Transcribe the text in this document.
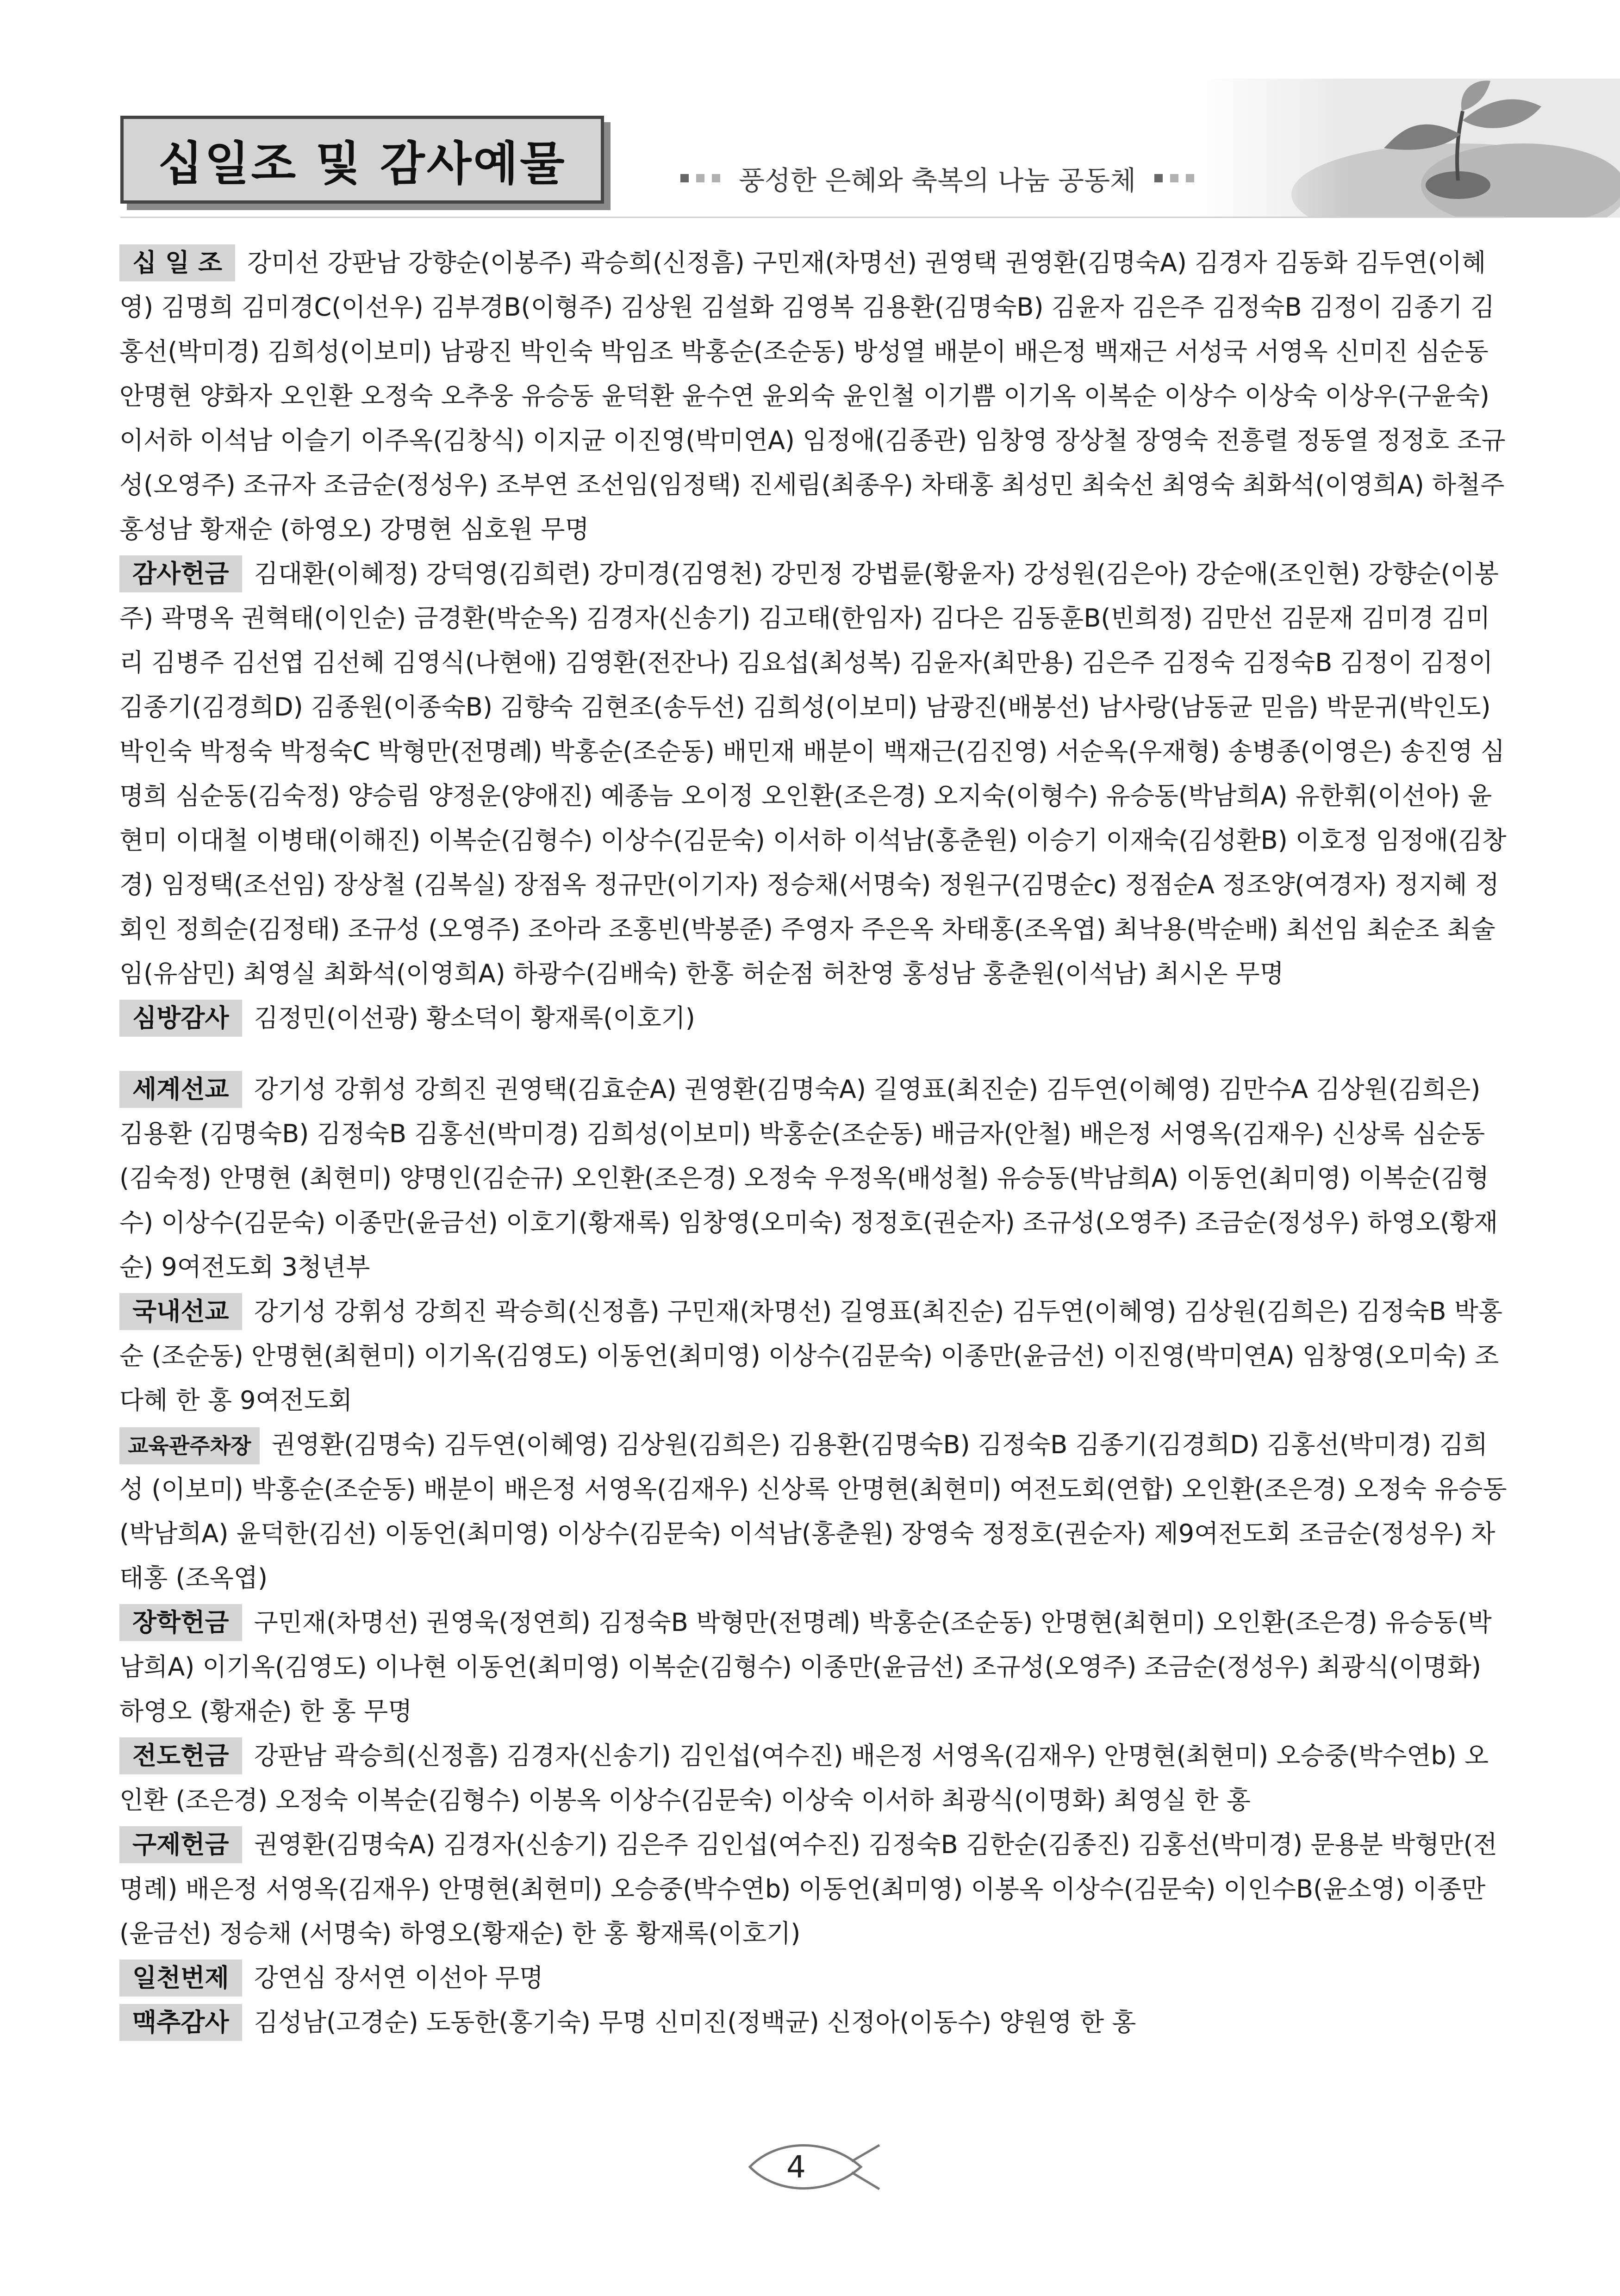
십일조 및 감사예물	풍성한 은혜와 축복의 나눔 공동체
십 일 조 강미선 강판남 강향순(이봉주) 곽승희(신정흠) 구민재(차명선) 권영택 권영환(김명숙A) 김경자 김동화 김두연(이혜영) 김명희 김미경C(이선우) 김부경B(이형주) 김상원 김설화 김영복 김용환(김명숙B) 김윤자 김은주 김정숙B 김정이 김종기 김홍선(박미경) 김희성(이보미) 남광진 박인숙 박임조 박홍순(조순동) 방성열 배분이 배은정 백재근 서성국 서영옥 신미진 심순동 안명현 양화자 오인환 오정숙 오추웅 유승동 윤덕환 윤수연 윤외숙 윤인철 이기쁨 이기옥 이복순 이상수 이상숙 이상우(구윤숙) 이서하 이석남 이슬기 이주옥(김창식) 이지균 이진영(박미연A) 임정애(김종관) 임창영 장상철 장영숙 전흥렬 정동열 정정호 조규성(오영주) 조규자 조금순(정성우) 조부연 조선임(임정택) 진세림(최종우) 차태홍 최성민 최숙선 최영숙 최화석(이영희A) 하철주 홍성남 황재순 (하영오) 강명현 심호원 무명
감사헌금 김대환(이혜정) 강덕영(김희련) 강미경(김영천) 강민정 강법륜(황윤자) 강성원(김은아) 강순애(조인현) 강향순(이봉주) 곽명옥 권혁태(이인순) 금경환(박순옥) 김경자(신송기) 김고태(한임자) 김다은 김동훈B(빈희정) 김만선 김문재 김미경 김미리 김병주 김선엽 김선혜 김영식(나현애) 김영환(전잔나) 김요섭(최성복) 김윤자(최만용) 김은주 김정숙 김정숙B 김정이 김정이 김종기(김경희D) 김종원(이종숙B) 김향숙 김현조(송두선) 김희성(이보미) 남광진(배봉선) 남사랑(남동균 믿음) 박문귀(박인도) 박인숙 박정숙 박정숙C 박형만(전명례) 박홍순(조순동) 배민재 배분이 백재근(김진영) 서순옥(우재형) 송병종(이영은) 송진영 심명희 심순동(김숙정) 양승림 양정운(양애진) 예종늠 오이정 오인환(조은경) 오지숙(이형수) 유승동(박남희A) 유한휘(이선아) 윤현미 이대철 이병태(이해진) 이복순(김형수) 이상수(김문숙) 이서하 이석남(홍춘원) 이승기 이재숙(김성환B) 이호정 임정애(김창경) 임정택(조선임) 장상철 (김복실) 장점옥 정규만(이기자) 정승채(서명숙) 정원구(김명순c) 정점순A 정조양(여경자) 정지혜 정회인 정희순(김정태) 조규성 (오영주) 조아라 조홍빈(박봉준) 주영자 주은옥 차태홍(조옥엽) 최낙용(박순배) 최선임 최순조 최술임(유삼민) 최영실 최화석(이영희A) 하광수(김배숙) 한홍 허순점 허찬영 홍성남 홍춘원(이석남) 최시온 무명
심방감사 김정민(이선광) 황소덕이 황재록(이호기)
세계선교 강기성 강휘성 강희진 권영택(김효순A) 권영환(김명숙A) 길영표(최진순) 김두연(이혜영) 김만수A 김상원(김희은) 김용환 (김명숙B) 김정숙B 김홍선(박미경) 김희성(이보미) 박홍순(조순동) 배금자(안철) 배은정 서영옥(김재우) 신상록 심순동(김숙정) 안명현 (최현미) 양명인(김순규) 오인환(조은경) 오정숙 우정옥(배성철) 유승동(박남희A) 이동언(최미영) 이복순(김형수) 이상수(김문숙) 이종만(윤금선) 이호기(황재록) 임창영(오미숙) 정정호(권순자) 조규성(오영주) 조금순(정성우) 하영오(황재순) 9여전도회 3청년부
국내선교 강기성 강휘성 강희진 곽승희(신정흠) 구민재(차명선) 길영표(최진순) 김두연(이혜영) 김상원(김희은) 김정숙B 박홍순 (조순동) 안명현(최현미) 이기옥(김영도) 이동언(최미영) 이상수(김문숙) 이종만(윤금선) 이진영(박미연A) 임창영(오미숙) 조다혜 한 홍 9여전도회
교육관주차장 권영환(김명숙) 김두연(이혜영) 김상원(김희은) 김용환(김명숙B) 김정숙B 김종기(김경희D) 김홍선(박미경) 김희성 (이보미) 박홍순(조순동) 배분이 배은정 서영옥(김재우) 신상록 안명현(최현미) 여전도회(연합) 오인환(조은경) 오정숙 유승동 (박남희A) 윤덕한(김선) 이동언(최미영) 이상수(김문숙) 이석남(홍춘원) 장영숙 정정호(권순자) 제9여전도회 조금순(정성우) 차태홍 (조옥엽)
장학헌금 구민재(차명선) 권영욱(정연희) 김정숙B 박형만(전명례) 박홍순(조순동) 안명현(최현미) 오인환(조은경) 유승동(박남희A) 이기옥(김영도) 이나현 이동언(최미영) 이복순(김형수) 이종만(윤금선) 조규성(오영주) 조금순(정성우) 최광식(이명화) 하영오 (황재순) 한 홍 무명
전도헌금 강판남 곽승희(신정흠) 김경자(신송기) 김인섭(여수진) 배은정 서영옥(김재우) 안명현(최현미) 오승중(박수연b) 오인환 (조은경) 오정숙 이복순(김형수) 이봉옥 이상수(김문숙) 이상숙 이서하 최광식(이명화) 최영실 한 홍
구제헌금 권영환(김명숙A) 김경자(신송기) 김은주 김인섭(여수진) 김정숙B 김한순(김종진) 김홍선(박미경) 문용분 박형만(전명례) 배은정 서영옥(김재우) 안명현(최현미) 오승중(박수연b) 이동언(최미영) 이봉옥 이상수(김문숙) 이인수B(윤소영) 이종만(윤금선) 정승채 (서명숙) 하영오(황재순) 한 홍 황재록(이호기)
일천번제 강연심 장서연 이선아 무명
맥추감사 김성남(고경순) 도동한(홍기숙) 무명 신미진(정백균) 신정아(이동수) 양원영 한 홍
4
